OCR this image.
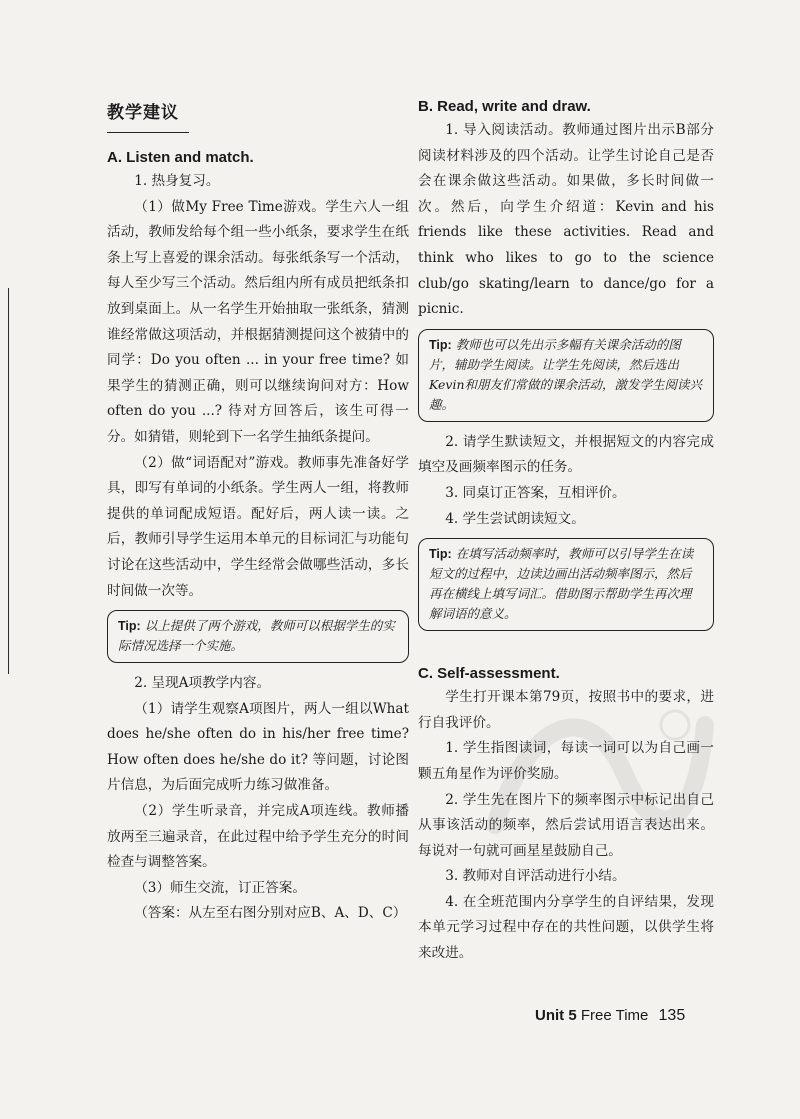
教学建议
A. Listen and match.

1. 热身复习。

（1）做My Free Time游戏。学生六人一组活动，教师发给每个组一些小纸条，要求学生在纸条上写上喜爱的课余活动。每张纸条写一个活动，每人至少写三个活动。然后组内所有成员把纸条扣放到桌面上。从一名学生开始抽取一张纸条，猜测谁经常做这项活动，并根据猜测提问这个被猜中的同学：Do you often ... in your free time? 如果学生的猜测正确，则可以继续询问对方：How often do you ...? 待对方回答后，该生可得一分。如猜错，则轮到下一名学生抽纸条提问。

（2）做“词语配对”游戏。教师事先准备好学具，即写有单词的小纸条。学生两人一组，将教师提供的单词配成短语。配好后，两人读一读。之后，教师引导学生运用本单元的目标词汇与功能句讨论在这些活动中，学生经常会做哪些活动，多长时间做一次等。

Tip: 以上提供了两个游戏，教师可以根据学生的实际情况选择一个实施。

2. 呈现A项教学内容。

（1）请学生观察A项图片，两人一组以What does he/she often do in his/her free time? How often does he/she do it? 等问题，讨论图片信息，为后面完成听力练习做准备。

（2）学生听录音，并完成A项连线。教师播放两至三遍录音，在此过程中给予学生充分的时间检查与调整答案。

（3）师生交流，订正答案。

（答案：从左至右图分别对应B、A、D、C）

B. Read, write and draw.

1. 导入阅读活动。教师通过图片出示B部分阅读材料涉及的四个活动。让学生讨论自己是否会在课余做这些活动。如果做，多长时间做一次。然后，向学生介绍道：Kevin and his friends like these activities. Read and think who likes to go to the science club/go skating/learn to dance/go for a picnic.

Tip: 教师也可以先出示多幅有关课余活动的图片，辅助学生阅读。让学生先阅读，然后选出Kevin和朋友们常做的课余活动，激发学生阅读兴趣。

2. 请学生默读短文，并根据短文的内容完成填空及画频率图示的任务。

3. 同桌订正答案，互相评价。

4. 学生尝试朗读短文。

Tip: 在填写活动频率时，教师可以引导学生在读短文的过程中，边读边画出活动频率图示，然后再在横线上填写词汇。借助图示帮助学生再次理解词语的意义。
C. Self-assessment.

学生打开课本第79页，按照书中的要求，进行自我评价。

1. 学生指图读词，每读一词可以为自己画一颗五角星作为评价奖励。

2. 学生先在图片下的频率图示中标记出自己从事该活动的频率，然后尝试用语言表达出来。每说对一句就可画星星鼓励自己。

3. 教师对自评活动进行小结。

4. 在全班范围内分享学生的自评结果，发现本单元学习过程中存在的共性问题，以供学生将来改进。

Unit 5 Free Time 135
